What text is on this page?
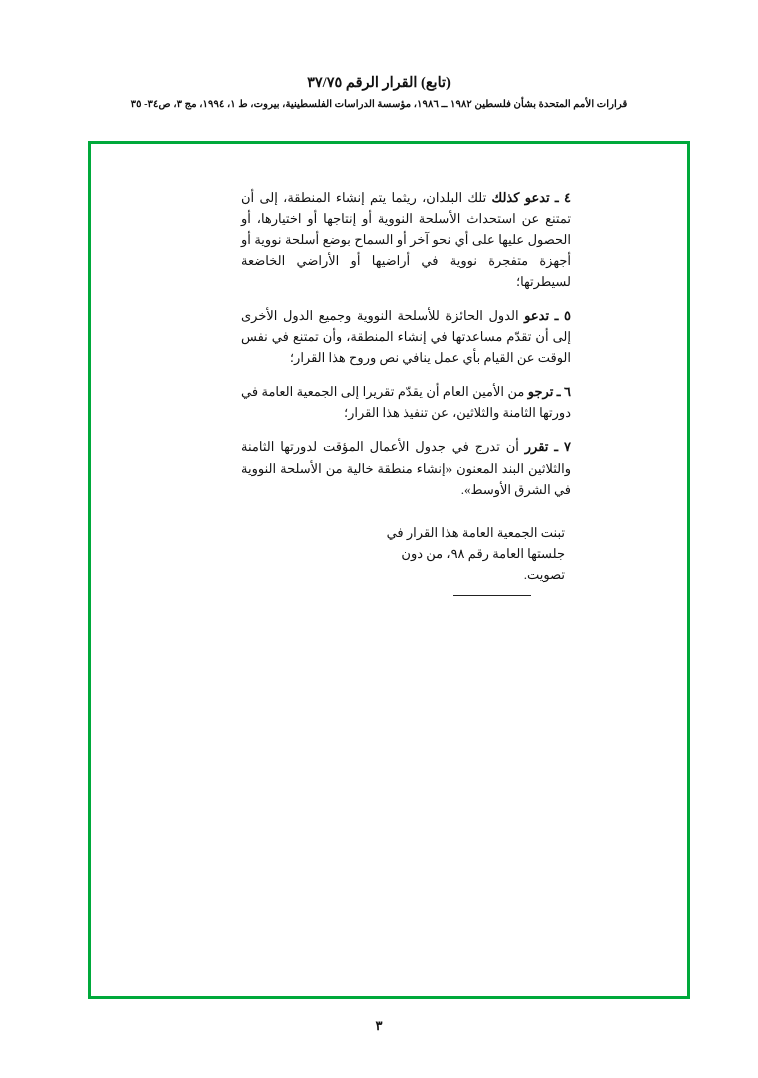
(تابع) القرار الرقم ٣٧/٧٥
قرارات الأمم المتحدة بشأن فلسطين ١٩٨٢ ــ ١٩٨٦، مؤسسة الدراسات الفلسطينية، بيروت، ط ١، ١٩٩٤، مج ٣، ص٣٤- ٣٥

٤ ـ تدعو كذلك تلك البلدان، ريثما يتم إنشاء المنطقة، إلى أن تمتنع عن استحداث الأسلحة النووية أو إنتاجها أو اختيارها، أو الحصول عليها على أي نحو آخر أو السماح بوضع أسلحة نووية أو أجهزة متفجرة نووية في أراضيها أو الأراضي الخاضعة لسيطرتها؛

٥ ـ تدعو الدول الحائزة للأسلحة النووية وجميع الدول الأخرى إلى أن تقدّم مساعدتها في إنشاء المنطقة، وأن تمتنع في نفس الوقت عن القيام بأي عمل ينافي نص وروح هذا القرار؛

٦ ـ ترجو من الأمين العام أن يقدّم تقريرا إلى الجمعية العامة في دورتها الثامنة والثلاثين، عن تنفيذ هذا القرار؛

٧ ـ تقرر أن تدرج في جدول الأعمال المؤقت لدورتها الثامنة والثلاثين البند المعنون «إنشاء منطقة خالية من الأسلحة النووية في الشرق الأوسط».

تبنت الجمعية العامة هذا القرار في
جلستها العامة رقم ٩٨، من دون
تصويت.
٣
